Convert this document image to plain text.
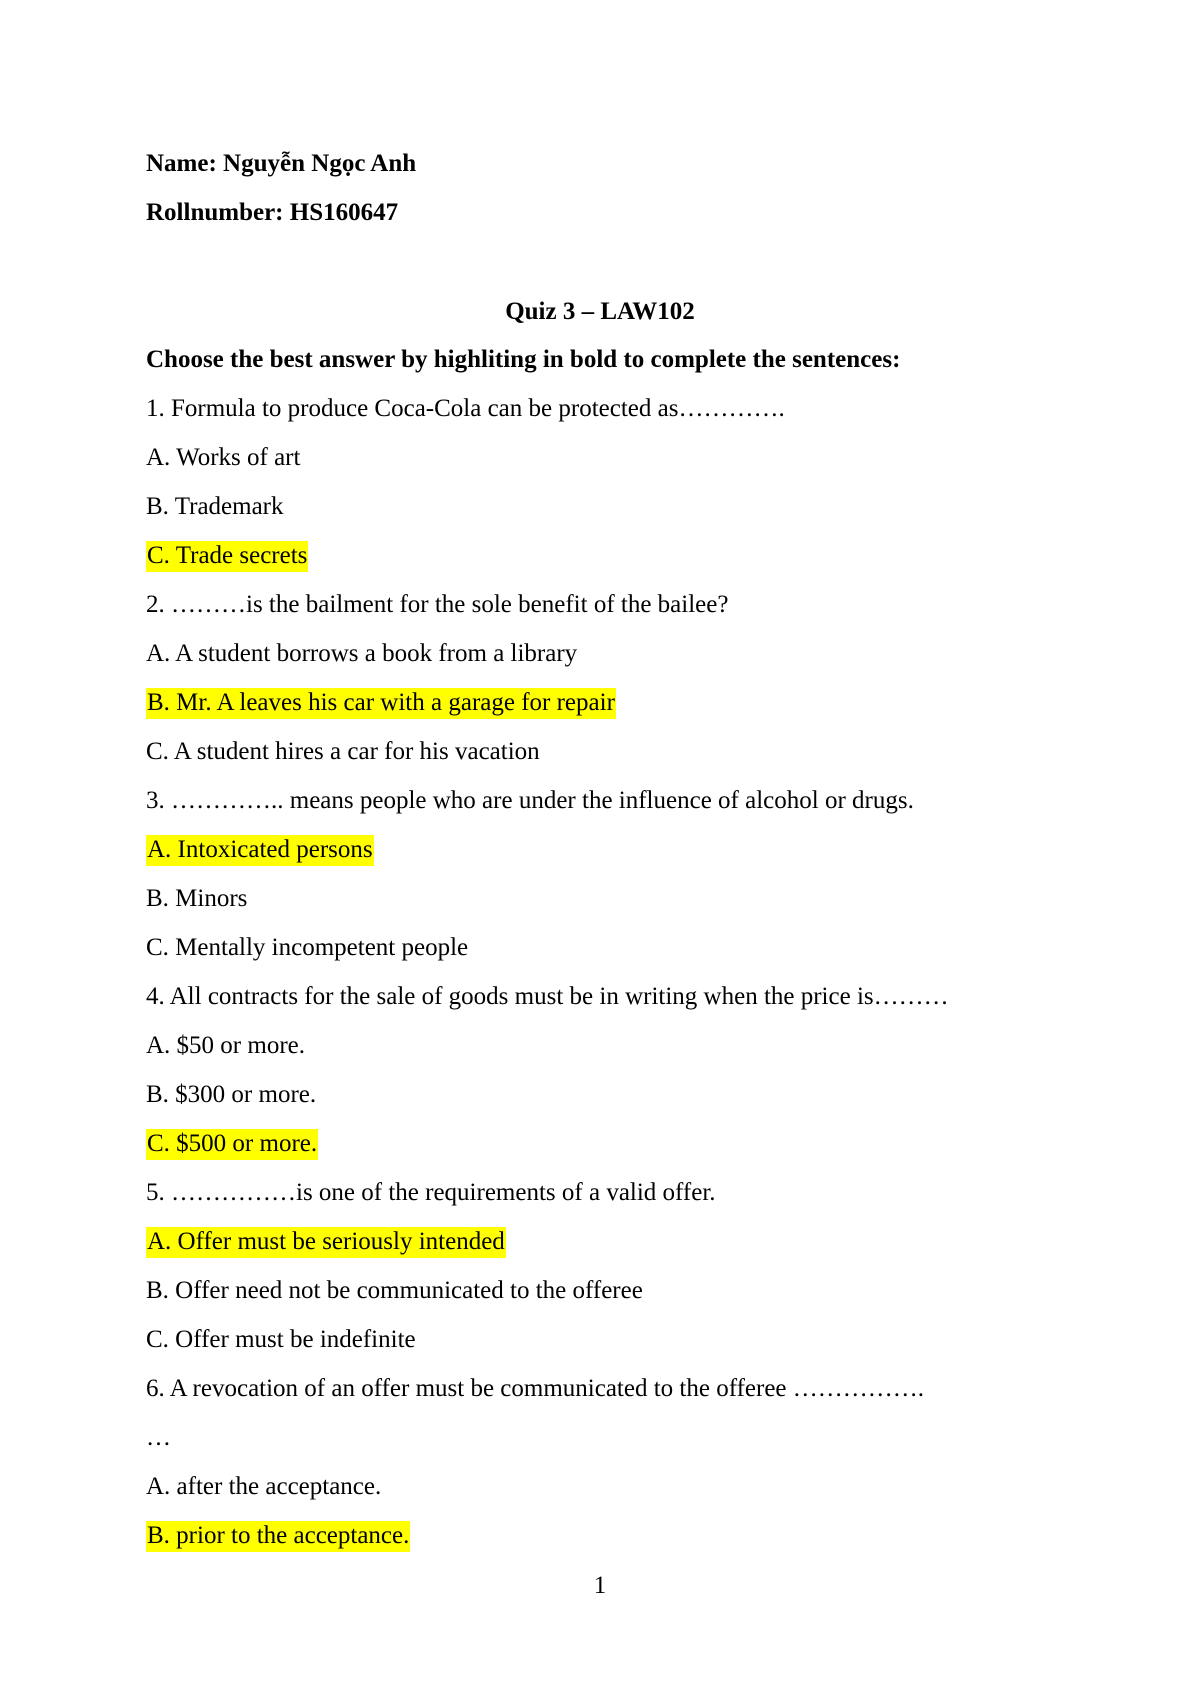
Name: Nguyễn Ngọc Anh
Rollnumber: HS160647
Quiz 3 – LAW102
Choose the best answer by highliting in bold to complete the sentences:
1. Formula to produce Coca-Cola can be protected as………….
A. Works of art
B. Trademark
C. Trade secrets
2. ………is the bailment for the sole benefit of the bailee?
A. A student borrows a book from a library
B. Mr. A leaves his car with a garage for repair
C. A student hires a car for his vacation
3. ………….. means people who are under the influence of alcohol or drugs.
A. Intoxicated persons
B. Minors
C. Mentally incompetent people
4. All contracts for the sale of goods must be in writing when the price is………
A. $50 or more.
B. $300 or more.
C. $500 or more.
5. ……………is one of the requirements of a valid offer.
A. Offer must be seriously intended
B. Offer need not be communicated to the offeree
C. Offer must be indefinite
6. A revocation of an offer must be communicated to the offeree …………….
…
A. after the acceptance.
B. prior to the acceptance.
1
